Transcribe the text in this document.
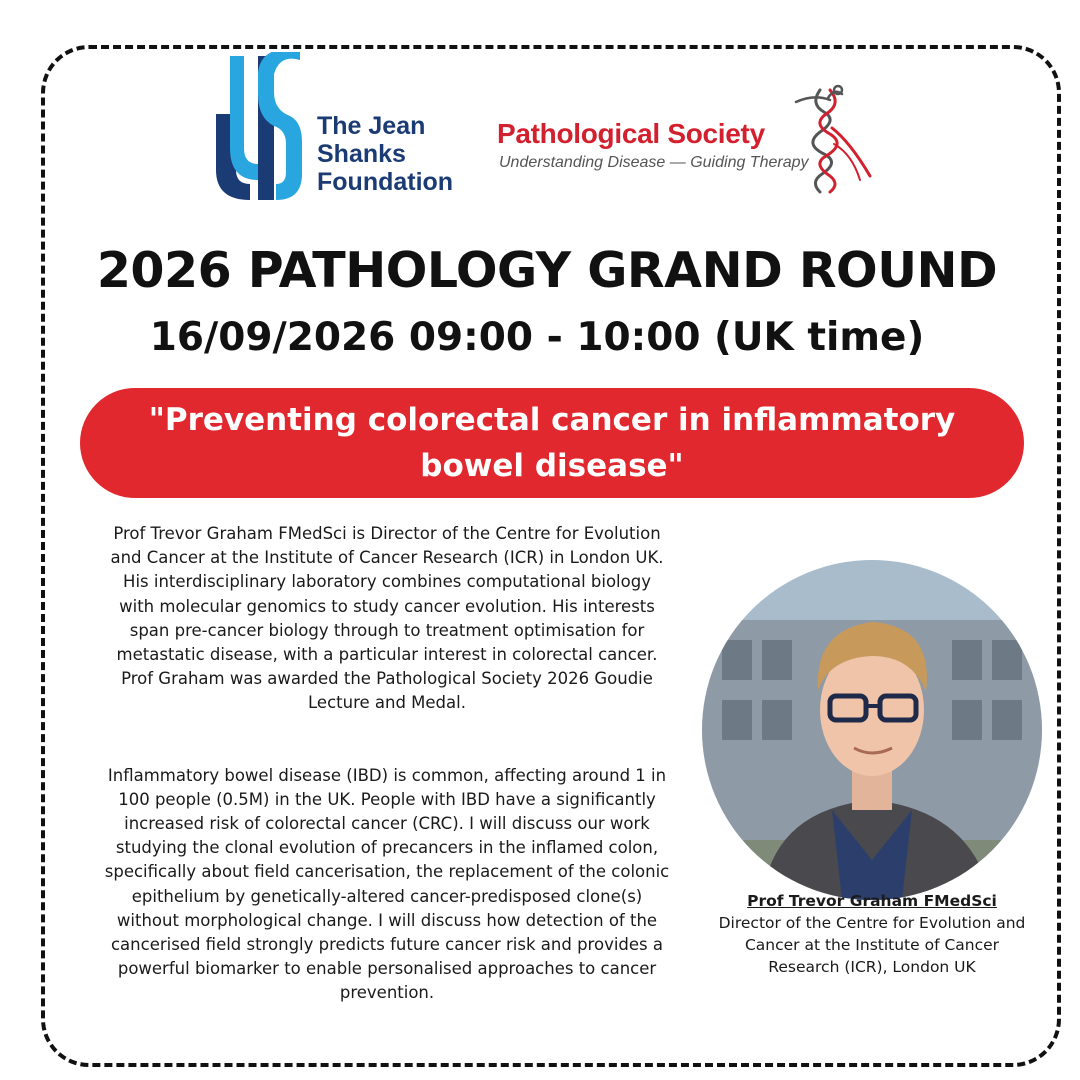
The Jean
Shanks
Foundation
Pathological Society
Understanding Disease — Guiding Therapy
2026 PATHOLOGY GRAND ROUND
16/09/2026 09:00 - 10:00 (UK time)
"Preventing colorectal cancer in inflammatory bowel disease"

Prof Trevor Graham FMedSci is Director of the Centre for Evolution and Cancer at the Institute of Cancer Research (ICR) in London UK. His interdisciplinary laboratory combines computational biology with molecular genomics to study cancer evolution. His interests span pre-cancer biology through to treatment optimisation for metastatic disease, with a particular interest in colorectal cancer. Prof Graham was awarded the Pathological Society 2026 Goudie Lecture and Medal.

Inflammatory bowel disease (IBD) is common, affecting around 1 in 100 people (0.5M) in the UK. People with IBD have a significantly increased risk of colorectal cancer (CRC). I will discuss our work studying the clonal evolution of precancers in the inflamed colon, specifically about field cancerisation, the replacement of the colonic epithelium by genetically-altered cancer-predisposed clone(s) without morphological change. I will discuss how detection of the cancerised field strongly predicts future cancer risk and provides a powerful biomarker to enable personalised approaches to cancer prevention.

Prof Trevor Graham FMedSci
Director of the Centre for Evolution and Cancer at the Institute of Cancer Research (ICR), London UK
